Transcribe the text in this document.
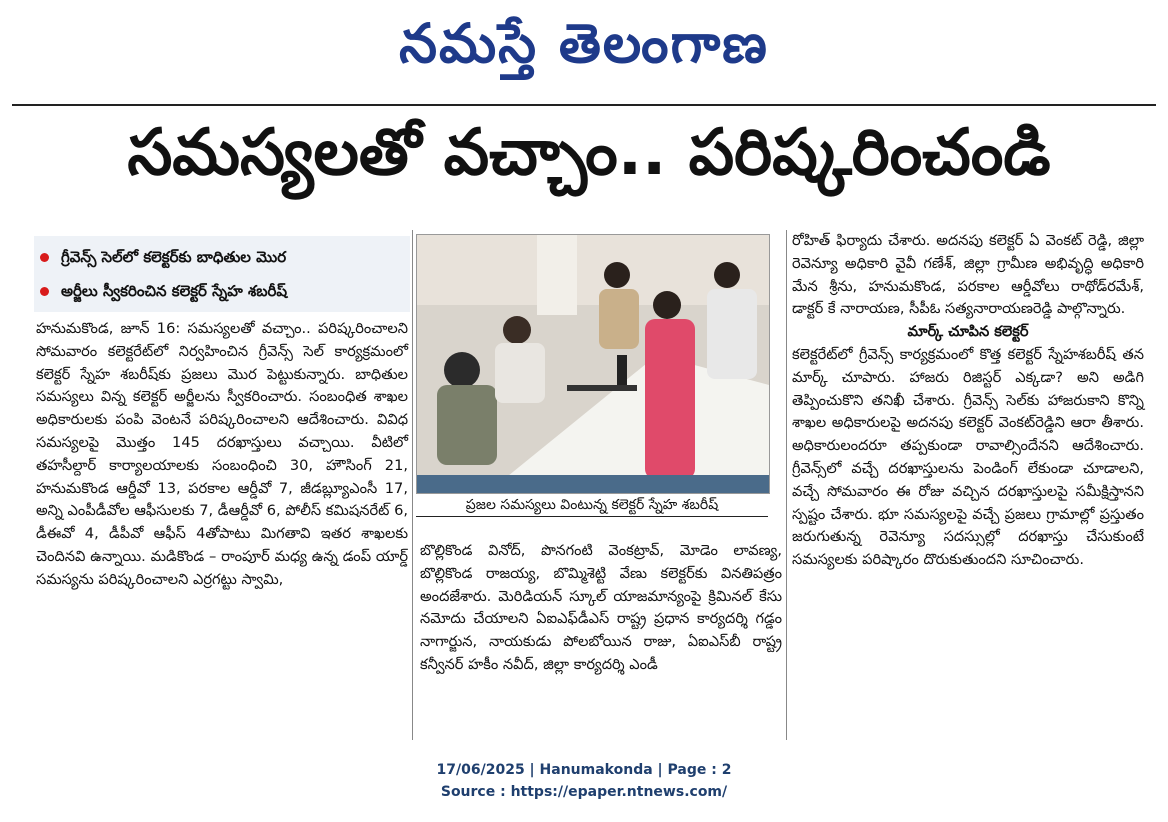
నమస్తే తెలంగాణ
సమస్యలతో వచ్చాం.. పరిష్కరించండి
గ్రీవెన్స్ సెల్‌లో కలెక్టర్‌కు బాధితుల మొర
అర్జీలు స్వీకరించిన కలెక్టర్ స్నేహ శబరీష్

హనుమకొండ, జూన్ 16: సమస్యలతో వచ్చాం.. పరిష్కరించాలని సోమవారం కలెక్టరేట్‌లో నిర్వహించిన గ్రీవెన్స్ సెల్ కార్యక్రమంలో కలెక్టర్ స్నేహ శబరీష్‌కు ప్రజలు మొర పెట్టుకున్నారు. బాధితుల సమస్యలు విన్న కలెక్టర్ అర్జీలను స్వీకరించారు. సంబంధిత శాఖల అధికారులకు పంపి వెంటనే పరిష్కరించాలని ఆదేశించారు. వివిధ సమస్యలపై మొత్తం 145 దరఖాస్తులు వచ్చాయి. వీటిలో తహసీల్దార్ కార్యాలయాలకు సంబంధించి 30, హౌసింగ్ 21, హనుమకొండ ఆర్డీవో 13, పరకాల ఆర్డీవో 7, జీడబ్ల్యూఎంసీ 17, అన్ని ఎంపీడీవోల ఆఫీసులకు 7, డీఆర్డీవో 6, పోలీస్ కమిషనరేట్ 6, డీఈవో 4, డీపీవో ఆఫీస్ 4తోపాటు మిగతావి ఇతర శాఖలకు చెందినవి ఉన్నాయి. మడికొండ – రాంపూర్ మధ్య ఉన్న డంప్ యార్డ్ సమస్యను పరిష్కరించాలని ఎర్రగట్టు స్వామి,

ప్రజల సమస్యలు వింటున్న కలెక్టర్ స్నేహ శబరీష్

బొల్లికొండ వినోద్, పొనగంటి వెంకట్రావ్, మోడెం లావణ్య, బొల్లికొండ రాజయ్య, బొమ్మిశెట్టి వేణు కలెక్టర్‌కు వినతిపత్రం అందజేశారు. మెరిడియన్ స్కూల్ యాజమాన్యంపై క్రిమినల్ కేసు నమోదు చేయాలని ఏఐఎఫ్‌డీఎస్ రాష్ట్ర ప్రధాన కార్యదర్శి గడ్డం నాగార్జున, నాయకుడు పోలబోయిన రాజు, ఏఐఎస్‌బీ రాష్ట్ర కన్వీనర్ హకీం నవీద్, జిల్లా కార్యదర్శి ఎండీ

రోహిత్ ఫిర్యాదు చేశారు. అదనపు కలెక్టర్ ఏ వెంకట్ రెడ్డి, జిల్లా రెవెన్యూ అధికారి వైవీ గణేశ్, జిల్లా గ్రామీణ అభివృద్ధి అధికారి మేన శ్రీను, హనుమకొండ, పరకాల ఆర్డీవోలు రాథోడ్‌రమేశ్, డాక్టర్ కే నారాయణ, సీపీఓ సత్యనారాయణరెడ్డి పాల్గొన్నారు.

మార్క్ చూపిన కలెక్టర్

కలెక్టరేట్‌లో గ్రీవెన్స్ కార్యక్రమంలో కొత్త కలెక్టర్ స్నేహశబరీష్ తన మార్క్ చూపారు. హాజరు రిజిస్టర్ ఎక్కడా? అని అడిగి తెప్పించుకొని తనిఖీ చేశారు. గ్రీవెన్స్ సెల్‌కు హాజరుకాని కొన్ని శాఖల అధికారులపై అదనపు కలెక్టర్ వెంకట్‌రెడ్డిని ఆరా తీశారు. అధికారులందరూ తప్పకుండా రావాల్సిందేనని ఆదేశించారు. గ్రీవెన్స్‌లో వచ్చే దరఖాస్తులను పెండింగ్ లేకుండా చూడాలని, వచ్చే సోమవారం ఈ రోజు వచ్చిన దరఖాస్తులపై సమీక్షిస్తానని స్పష్టం చేశారు. భూ సమస్యలపై వచ్చే ప్రజలు గ్రామాల్లో ప్రస్తుతం జరుగుతున్న రెవెన్యూ సదస్సుల్లో దరఖాస్తు చేసుకుంటే సమస్యలకు పరిష్కారం దొరుకుతుందని సూచించారు.

17/06/2025 | Hanumakonda | Page : 2
Source : https://epaper.ntnews.com/
